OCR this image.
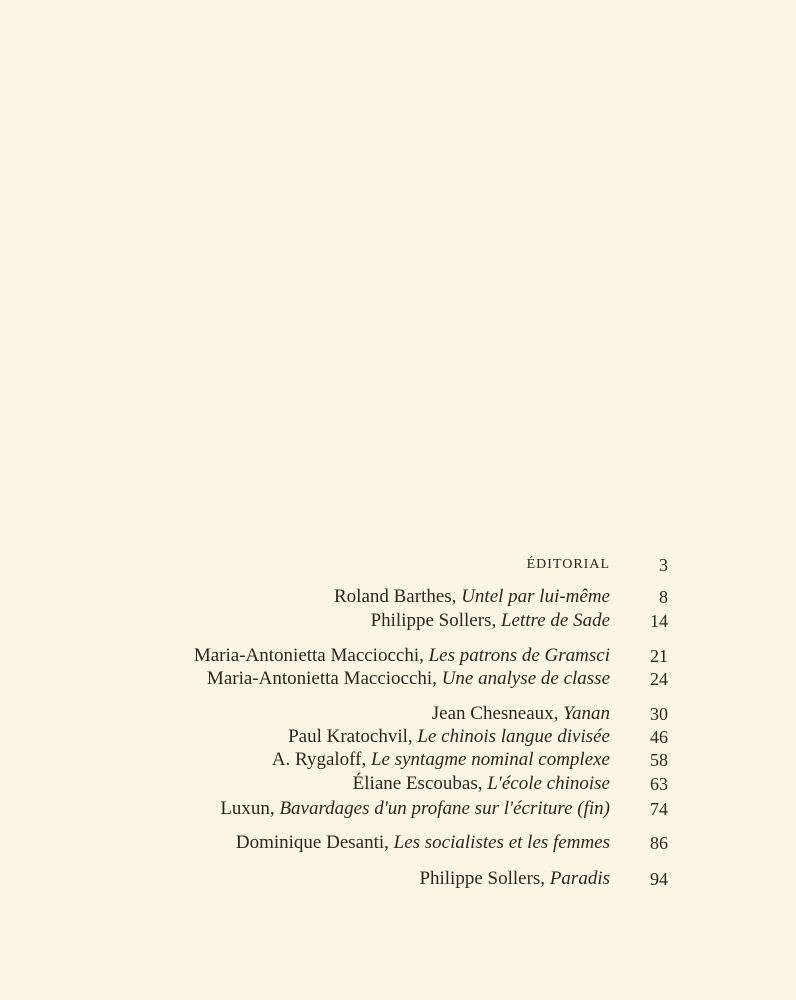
ÉDITORIAL	3
Roland Barthes, Untel par lui-même	8
Philippe Sollers, Lettre de Sade 14
Maria-Antonietta Macciocchi, Les patrons de Gramsci 21
Maria-Antonietta Macciocchi, Une analyse de classe 24
Jean Chesneaux, Yanan 30
Paul Kratochvil, Le chinois langue divisée 46
A. Rygaloff, Le syntagme nominal complexe 58
Éliane Escoubas, L'école chinoise 63
Luxun, Bavardages d'un profane sur l'écriture (fin) 74
Dominique Desanti, Les socialistes et les femmes 86
Philippe Sollers, Paradis 94
